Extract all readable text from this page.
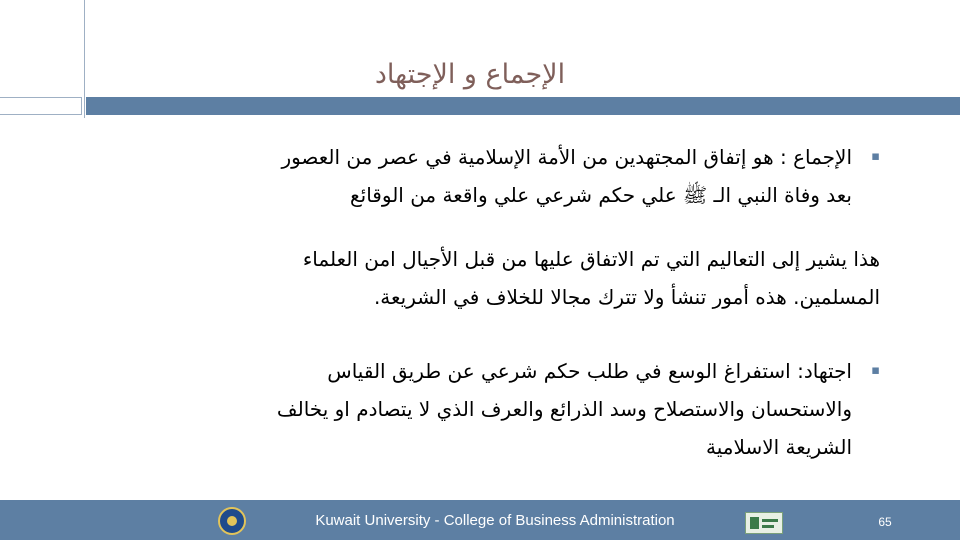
الإجماع و الإجتهاد
▪
الإجماع : هو إتفاق المجتهدين من الأمة الإسلامية في عصر من العصور
بعد وفاة النبي الـ ﷺ علي حكم شرعي علي واقعة من الوقائع
هذا يشير إلى التعاليم التي تم الاتفاق عليها من قبل الأجيال امن العلماء
المسلمين. هذه أمور تنشأ ولا تترك مجالا للخلاف في الشريعة.
▪
اجتهاد: استفراغ الوسع في طلب حكم شرعي عن طريق القياس
والاستحسان والاستصلاح وسد الذرائع والعرف الذي لا يتصادم او يخالف
الشريعة الاسلامية
Kuwait University - College of Business Administration	65
